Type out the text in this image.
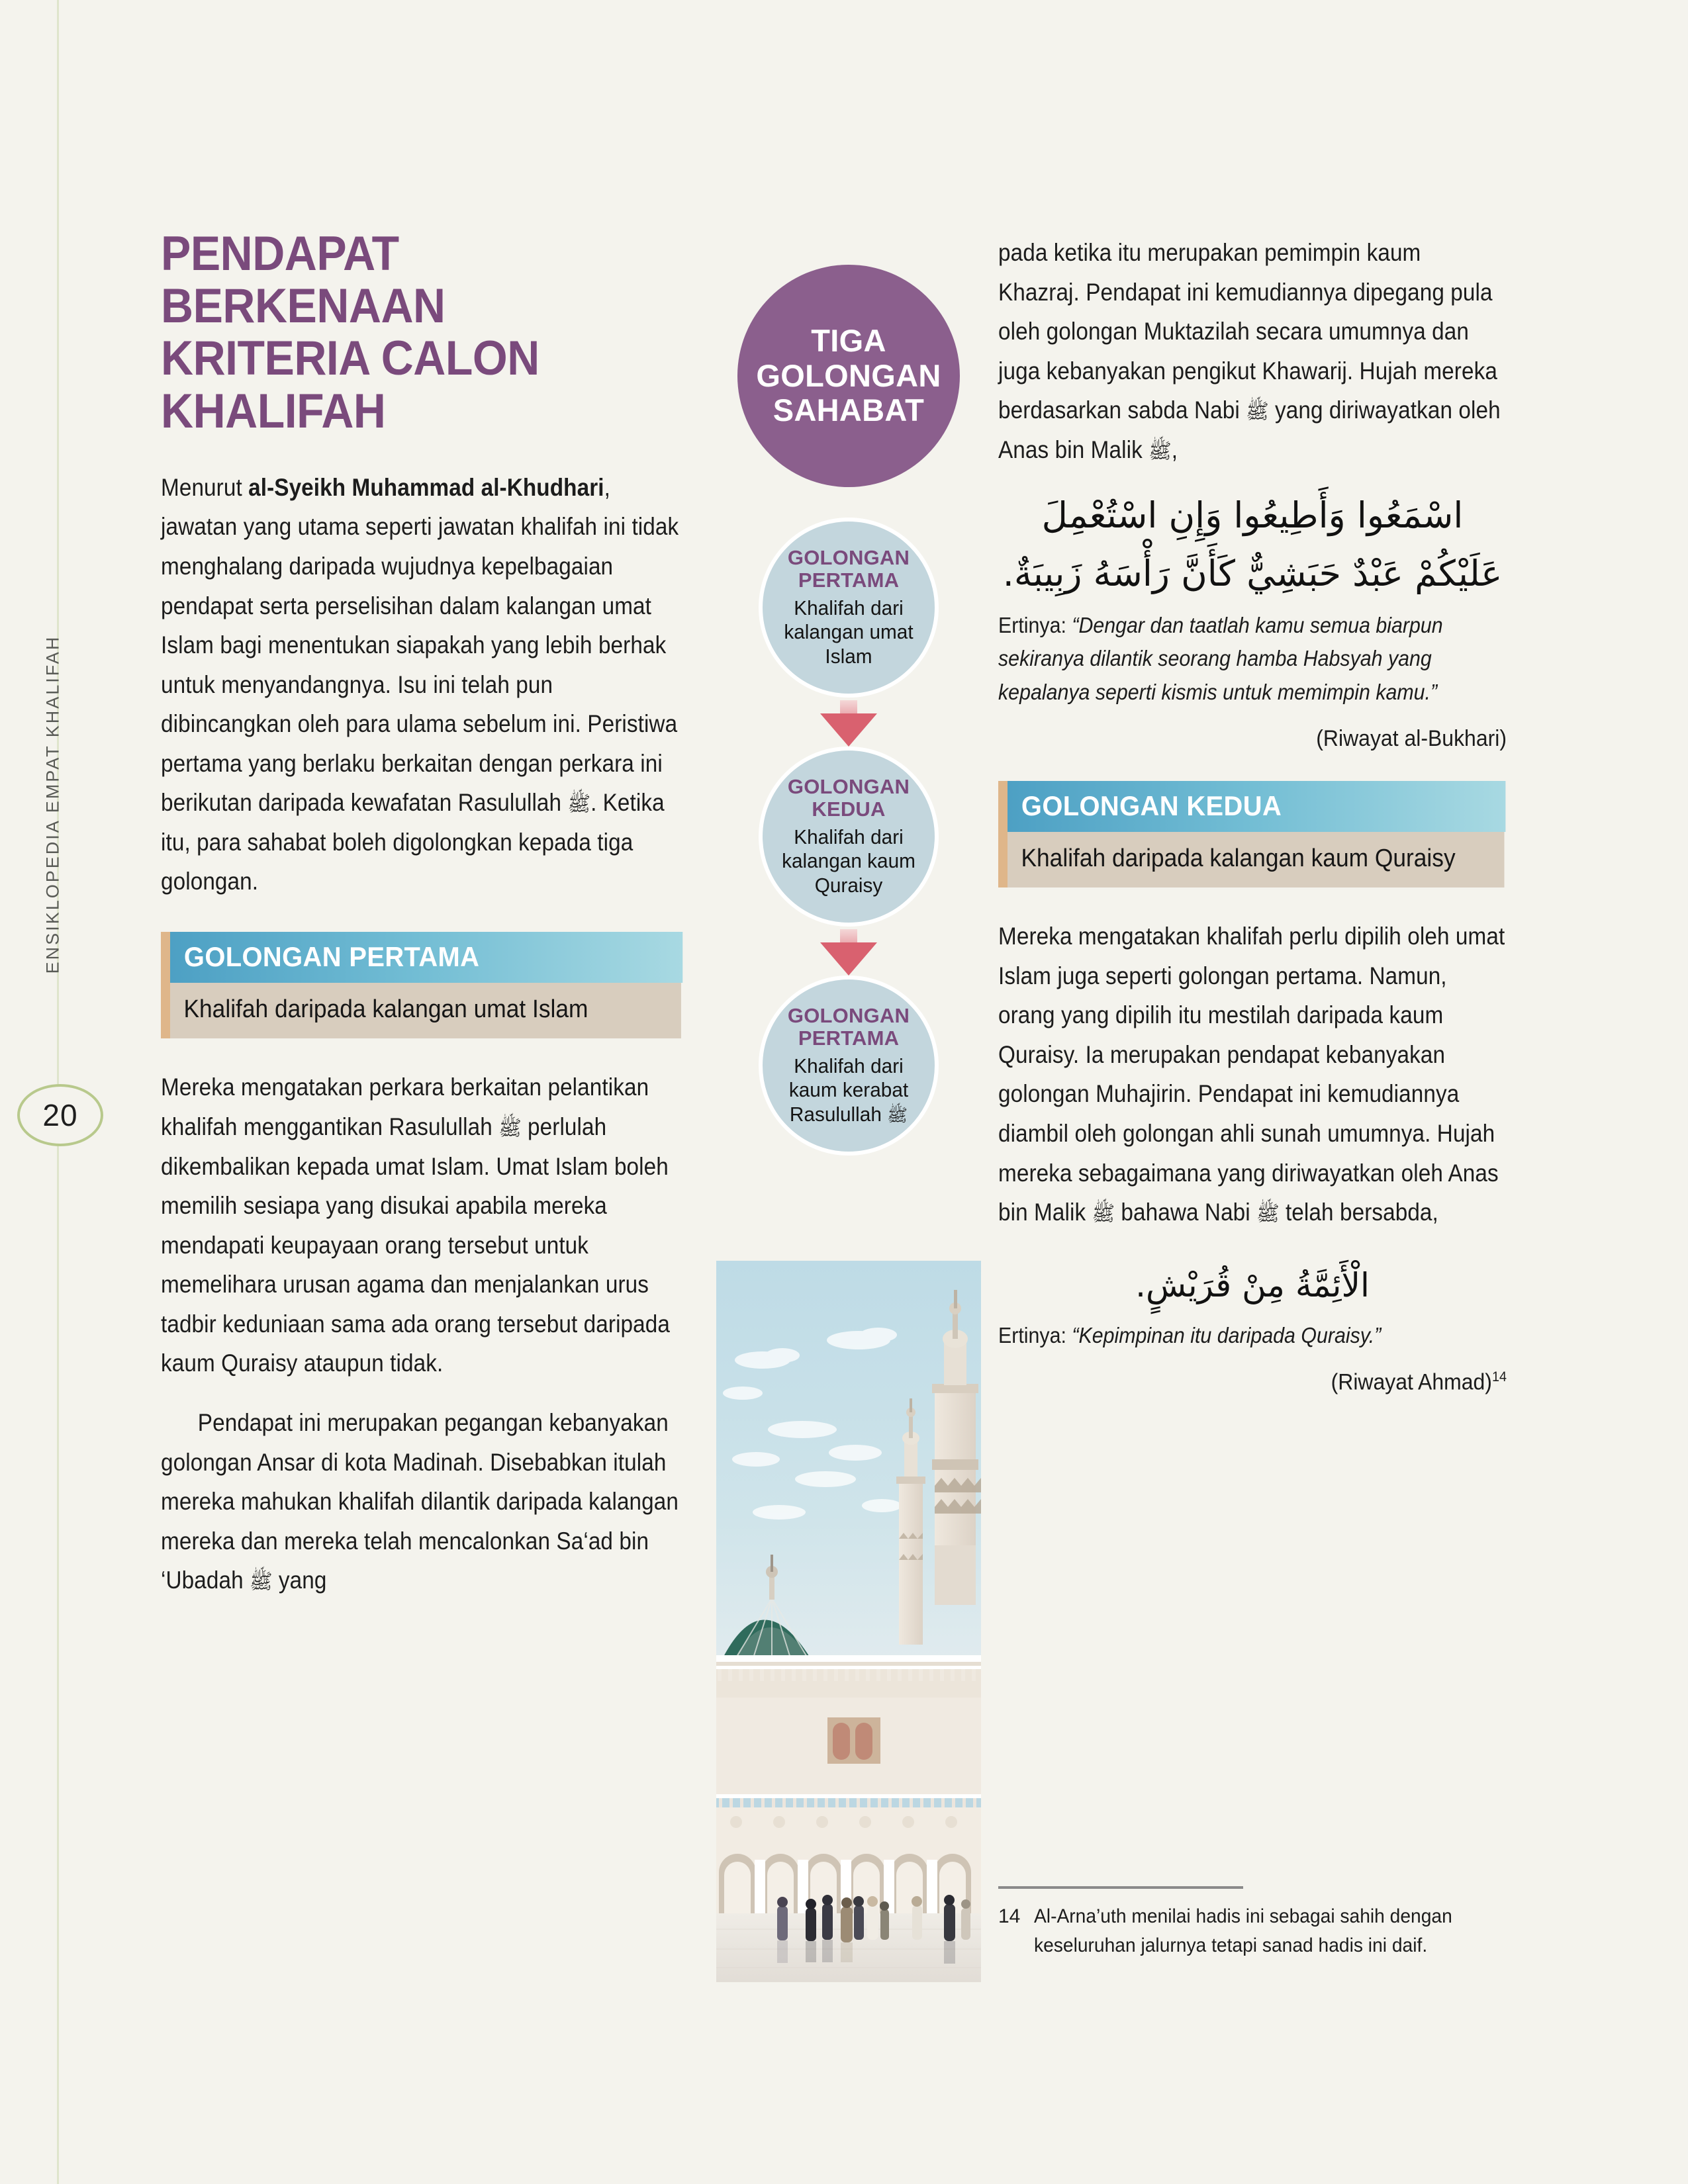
ENSIKLOPEDIA EMPAT KHALIFAH
20
PENDAPAT BERKENAAN KRITERIA CALON KHALIFAH

Menurut al-Syeikh Muhammad al-Khudhari, jawatan yang utama seperti jawatan khalifah ini tidak menghalang daripada wujudnya kepelbagaian pendapat serta perselisihan dalam kalangan umat Islam bagi menentukan siapakah yang lebih berhak untuk menyandangnya. Isu ini telah pun dibincangkan oleh para ulama sebelum ini. Peristiwa pertama yang berlaku berkaitan dengan perkara ini berikutan daripada kewafatan Rasulullah ﷺ. Ketika itu, para sahabat boleh digolongkan kepada tiga golongan.

GOLONGAN PERTAMA
Khalifah daripada kalangan umat Islam

Mereka mengatakan perkara berkaitan pelantikan khalifah menggantikan Rasulullah ﷺ perlulah dikembalikan kepada umat Islam. Umat Islam boleh memilih sesiapa yang disukai apabila mereka mendapati keupayaan orang tersebut untuk memelihara urusan agama dan menjalankan urus tadbir keduniaan sama ada orang tersebut daripada kaum Quraisy ataupun tidak.

Pendapat ini merupakan pegangan kebanyakan golongan Ansar di kota Madinah. Disebabkan itulah mereka mahukan khalifah dilantik daripada kalangan mereka dan mereka telah mencalonkan Sa‘ad bin ‘Ubadah ﷺ yang

TIGA GOLONGAN SAHABAT
GOLONGAN PERTAMA
Khalifah dari kalangan umat Islam
GOLONGAN KEDUA
Khalifah dari kalangan kaum Quraisy
GOLONGAN PERTAMA
Khalifah dari kaum kerabat Rasulullah ﷺ

pada ketika itu merupakan pemimpin kaum Khazraj. Pendapat ini kemudiannya dipegang pula oleh golongan Muktazilah secara umumnya dan juga kebanyakan pengikut Khawarij. Hujah mereka berdasarkan sabda Nabi ﷺ yang diriwayatkan oleh Anas bin Malik ﷺ,

اسْمَعُوا وَأَطِيعُوا وَإِنِ اسْتُعْمِلَ عَلَيْكُمْ عَبْدٌ حَبَشِيٌّ كَأَنَّ رَأْسَهُ زَبِيبَةٌ.

Ertinya: “Dengar dan taatlah kamu semua biarpun sekiranya dilantik seorang hamba Habsyah yang kepalanya seperti kismis untuk memimpin kamu.”

(Riwayat al-Bukhari)
GOLONGAN KEDUA
Khalifah daripada kalangan kaum Quraisy

Mereka mengatakan khalifah perlu dipilih oleh umat Islam juga seperti golongan pertama. Namun, orang yang dipilih itu mestilah daripada kaum Quraisy. Ia merupakan pendapat kebanyakan golongan Muhajirin. Pendapat ini kemudiannya diambil oleh golongan ahli sunah umumnya. Hujah mereka sebagaimana yang diriwayatkan oleh Anas bin Malik ﷺ bahawa Nabi ﷺ telah bersabda,

الْأَئِمَّةُ مِنْ قُرَيْشٍ.

Ertinya: “Kepimpinan itu daripada Quraisy.”

(Riwayat Ahmad)$^{14}$
14 Al-Arna’uth menilai hadis ini sebagai sahih dengan keseluruhan jalurnya tetapi sanad hadis ini daif.
